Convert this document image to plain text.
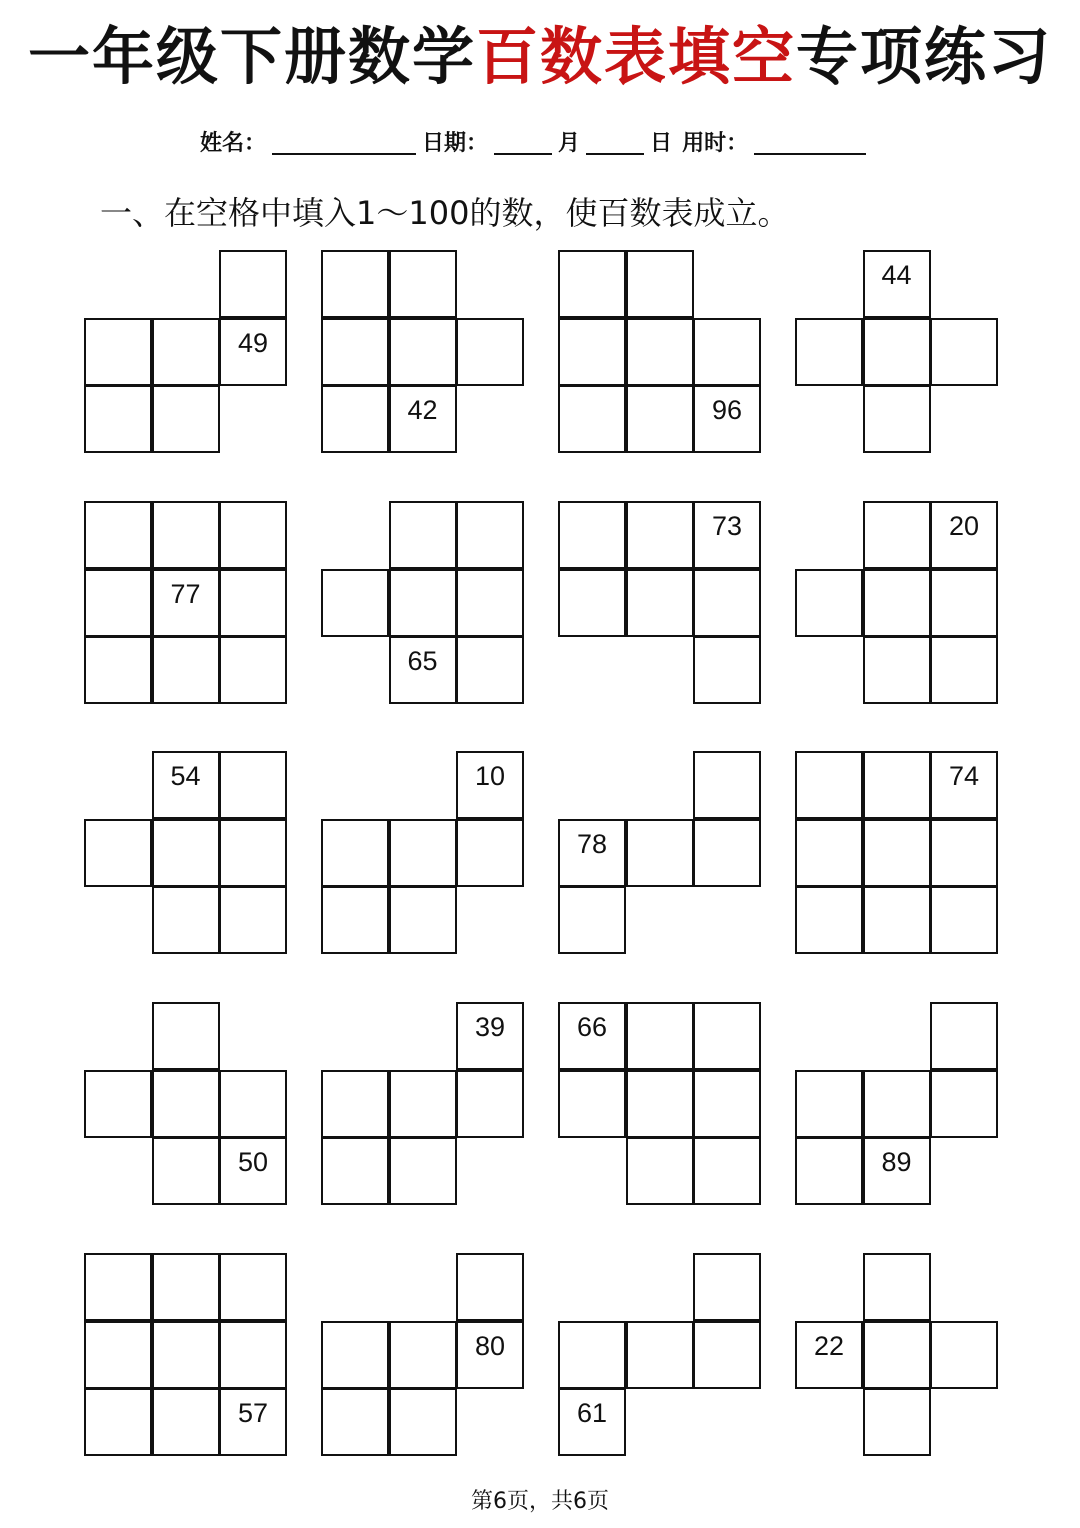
一年级下册数学百数表填空专项练习
姓名：	日期：	月	日 用时：
一、在空格中填入1～100的数，使百数表成立。
49
42	96
44
77
65
73	20
54	10
78
74
50
39	66
89
57
80
61
22
第6页，共6页
